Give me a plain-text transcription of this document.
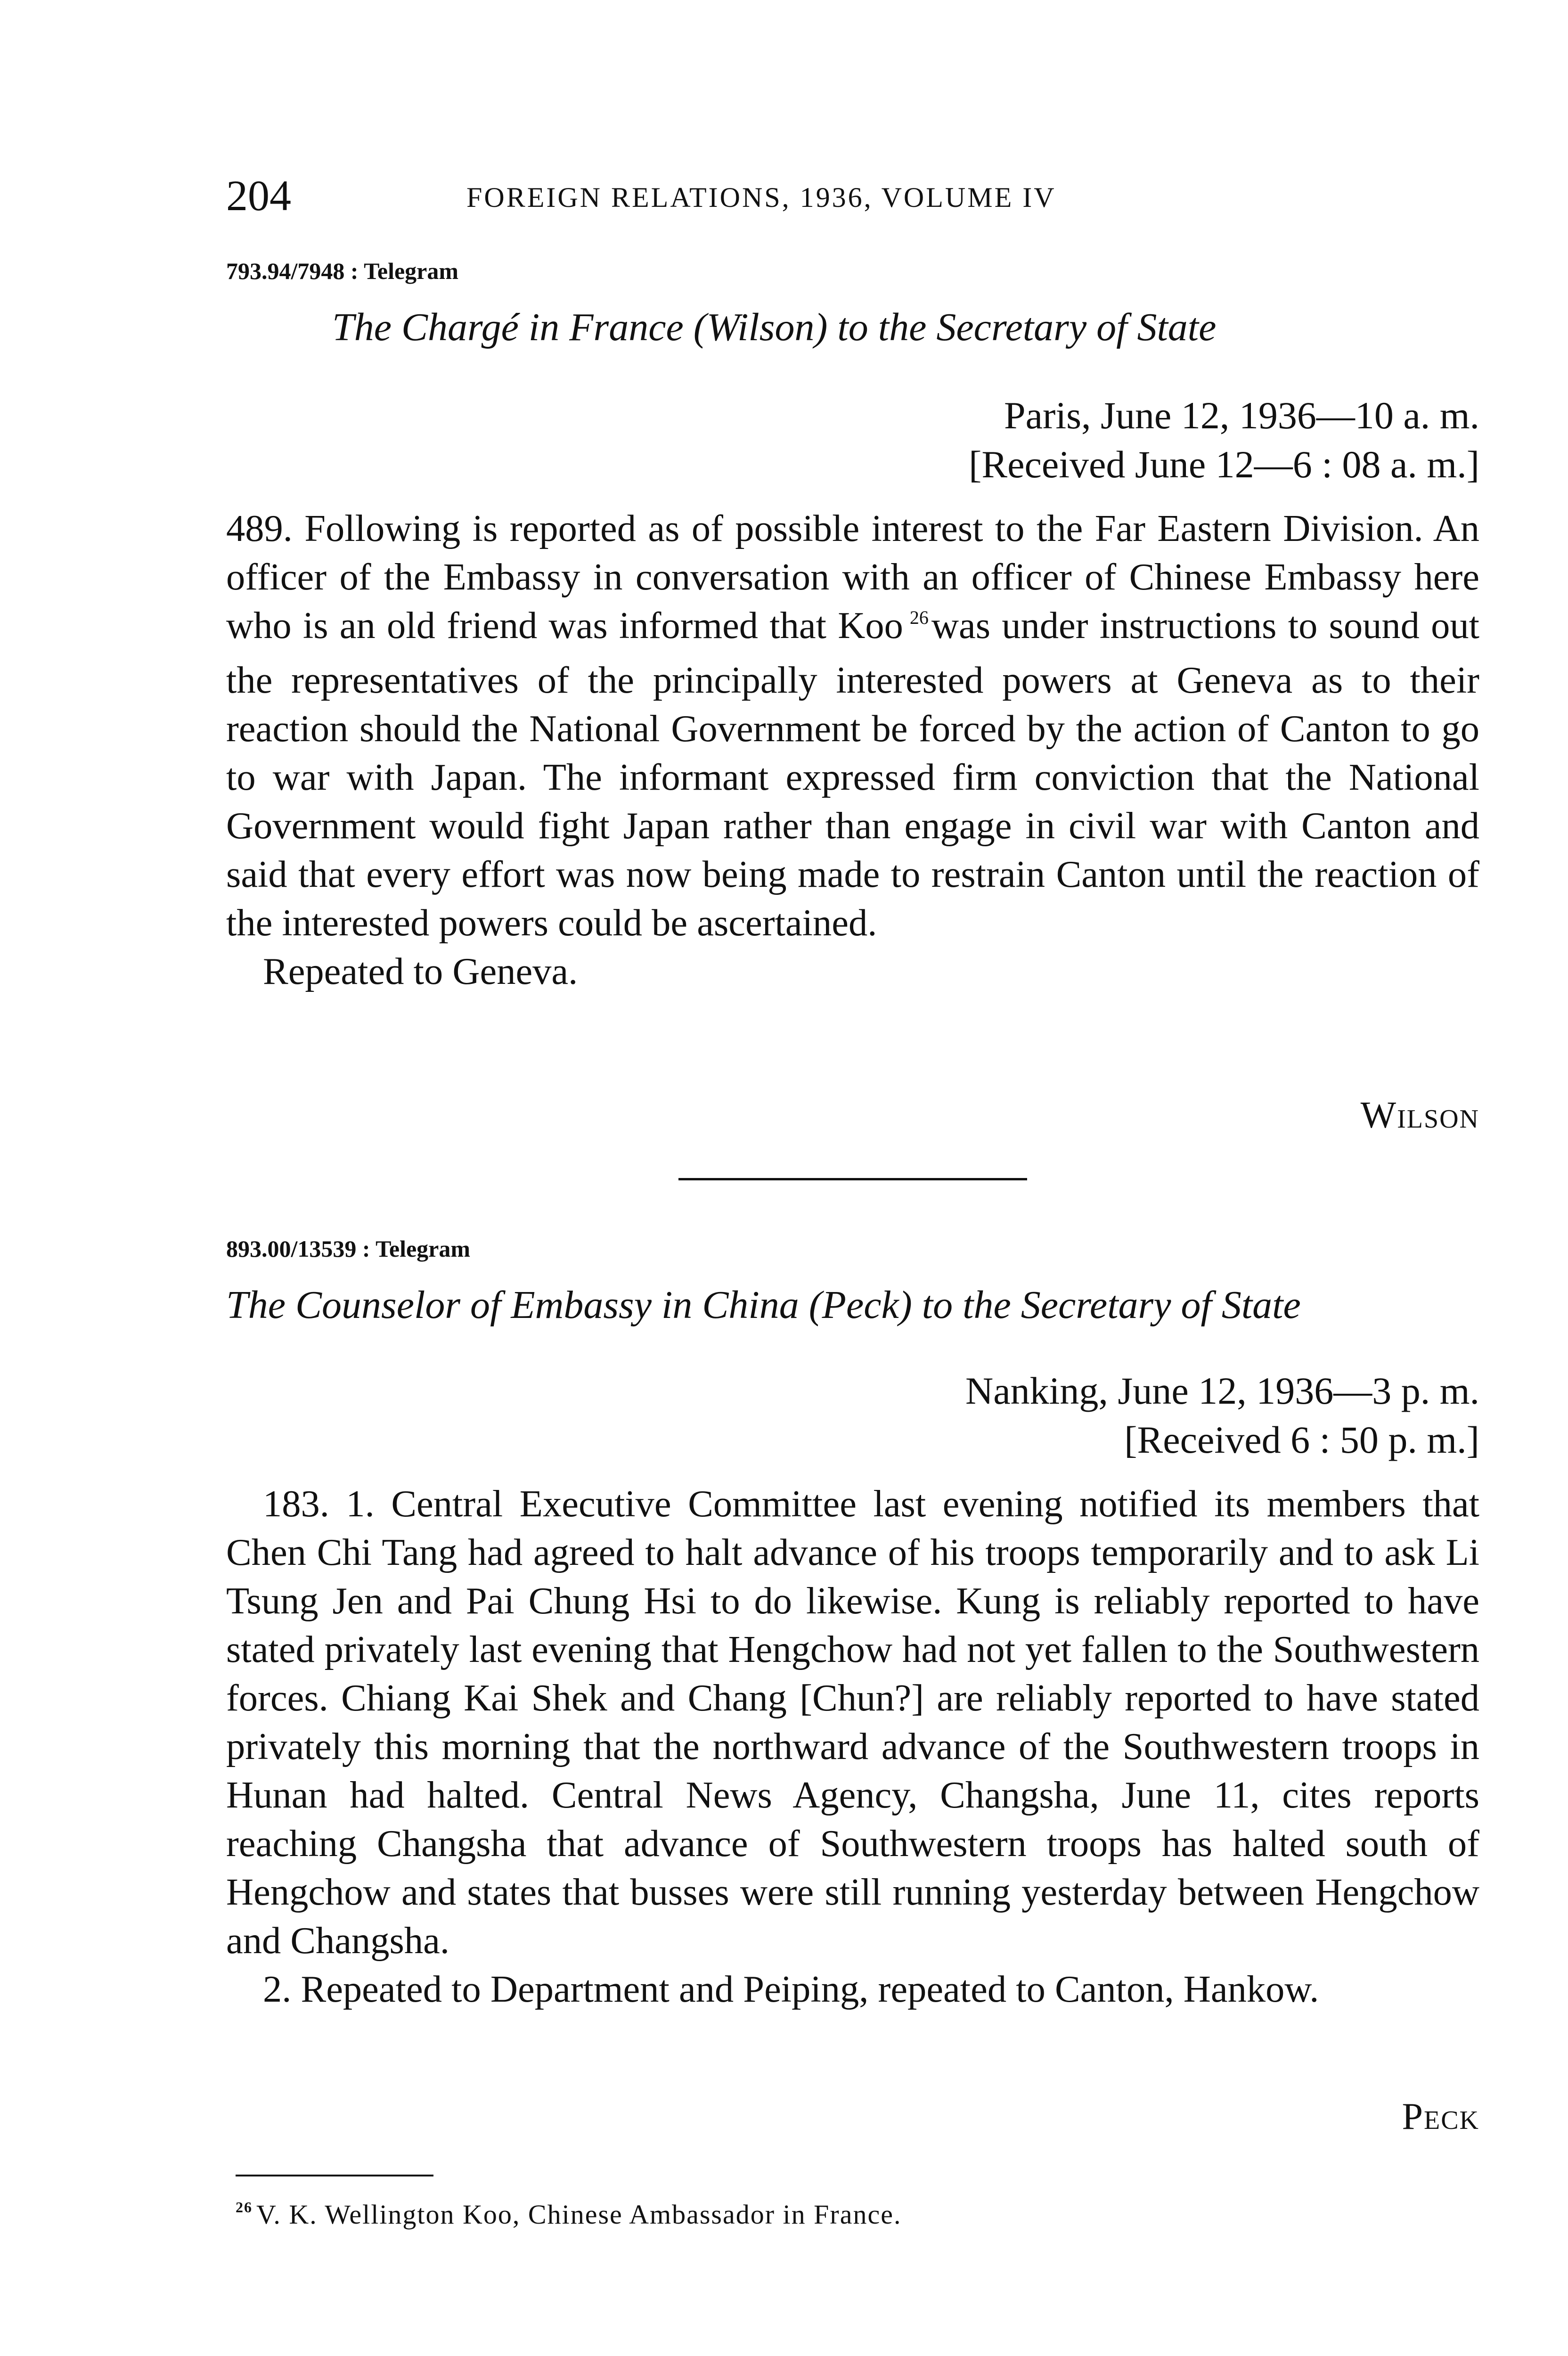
204	FOREIGN RELATIONS, 1936, VOLUME IV
793.94/7948 : Telegram
The Chargé in France (Wilson) to the Secretary of State
Paris, June 12, 1936—10 a. m.
[Received June 12—6 : 08 a. m.]

489. Following is reported as of possible interest to the Far Eastern Division. An officer of the Embassy in conversation with an officer of Chinese Embassy here who is an old friend was informed that Koo $^{26}$was under instructions to sound out the representatives of the principally interested powers at Geneva as to their reaction should the National Government be forced by the action of Canton to go to war with Japan. The informant expressed firm conviction that the National Government would fight Japan rather than engage in civil war with Canton and said that every effort was now being made to restrain Canton until the reaction of the interested powers could be ascertained.

Repeated to Geneva.

Wilson
893.00/13539 : Telegram
The Counselor of Embassy in China (Peck) to the Secretary of State
Nanking, June 12, 1936—3 p. m.
[Received 6 : 50 p. m.]

183. 1. Central Executive Committee last evening notified its members that Chen Chi Tang had agreed to halt advance of his troops temporarily and to ask Li Tsung Jen and Pai Chung Hsi to do likewise. Kung is reliably reported to have stated privately last evening that Hengchow had not yet fallen to the Southwestern forces. Chiang Kai Shek and Chang [Chun?] are reliably reported to have stated privately this morning that the northward advance of the Southwestern troops in Hunan had halted. Central News Agency, Changsha, June 11, cites reports reaching Changsha that advance of Southwestern troops has halted south of Hengchow and states that busses were still running yesterday between Hengchow and Changsha.

2. Repeated to Department and Peiping, repeated to Canton, Hankow.

Peck
$^{26}$ V. K. Wellington Koo, Chinese Ambassador in France.
